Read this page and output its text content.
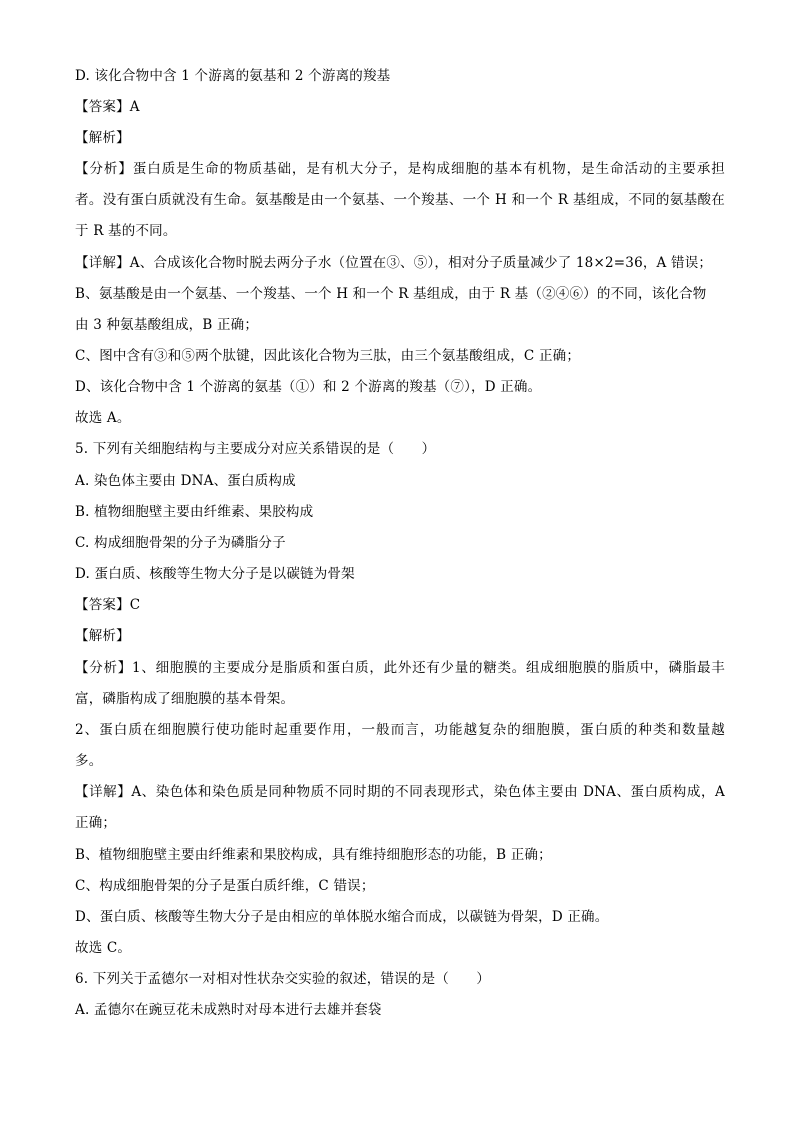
D. 该化合物中含 1 个游离的氨基和 2 个游离的羧基
【答案】A
【解析】
【分析】蛋白质是生命的物质基础，是有机大分子，是构成细胞的基本有机物，是生命活动的主要承担
者。没有蛋白质就没有生命。氨基酸是由一个氨基、一个羧基、一个 H 和一个 R 基组成，不同的氨基酸在
于 R 基的不同。
【详解】A、合成该化合物时脱去两分子水（位置在③、⑤），相对分子质量减少了 18×2=36，A 错误；
B、氨基酸是由一个氨基、一个羧基、一个 H 和一个 R 基组成，由于 R 基（②④⑥）的不同，该化合物
由 3 种氨基酸组成，B 正确；
C、图中含有③和⑤两个肽键，因此该化合物为三肽，由三个氨基酸组成，C 正确；
D、该化合物中含 1 个游离的氨基（①）和 2 个游离的羧基（⑦），D 正确。
故选 A。
5. 下列有关细胞结构与主要成分对应关系错误的是（　　）
A. 染色体主要由 DNA、蛋白质构成
B. 植物细胞壁主要由纤维素、果胶构成
C. 构成细胞骨架的分子为磷脂分子
D. 蛋白质、核酸等生物大分子是以碳链为骨架
【答案】C
【解析】
【分析】1、细胞膜的主要成分是脂质和蛋白质，此外还有少量的糖类。组成细胞膜的脂质中，磷脂最丰
富，磷脂构成了细胞膜的基本骨架。
2、蛋白质在细胞膜行使功能时起重要作用，一般而言，功能越复杂的细胞膜，蛋白质的种类和数量越
多。
【详解】A、染色体和染色质是同种物质不同时期的不同表现形式，染色体主要由 DNA、蛋白质构成，A
正确；
B、植物细胞壁主要由纤维素和果胶构成，具有维持细胞形态的功能，B 正确；
C、构成细胞骨架的分子是蛋白质纤维，C 错误；
D、蛋白质、核酸等生物大分子是由相应的单体脱水缩合而成，以碳链为骨架，D 正确。
故选 C。
6. 下列关于孟德尔一对相对性状杂交实验的叙述，错误的是（　　）
A. 孟德尔在豌豆花未成熟时对母本进行去雄并套袋
